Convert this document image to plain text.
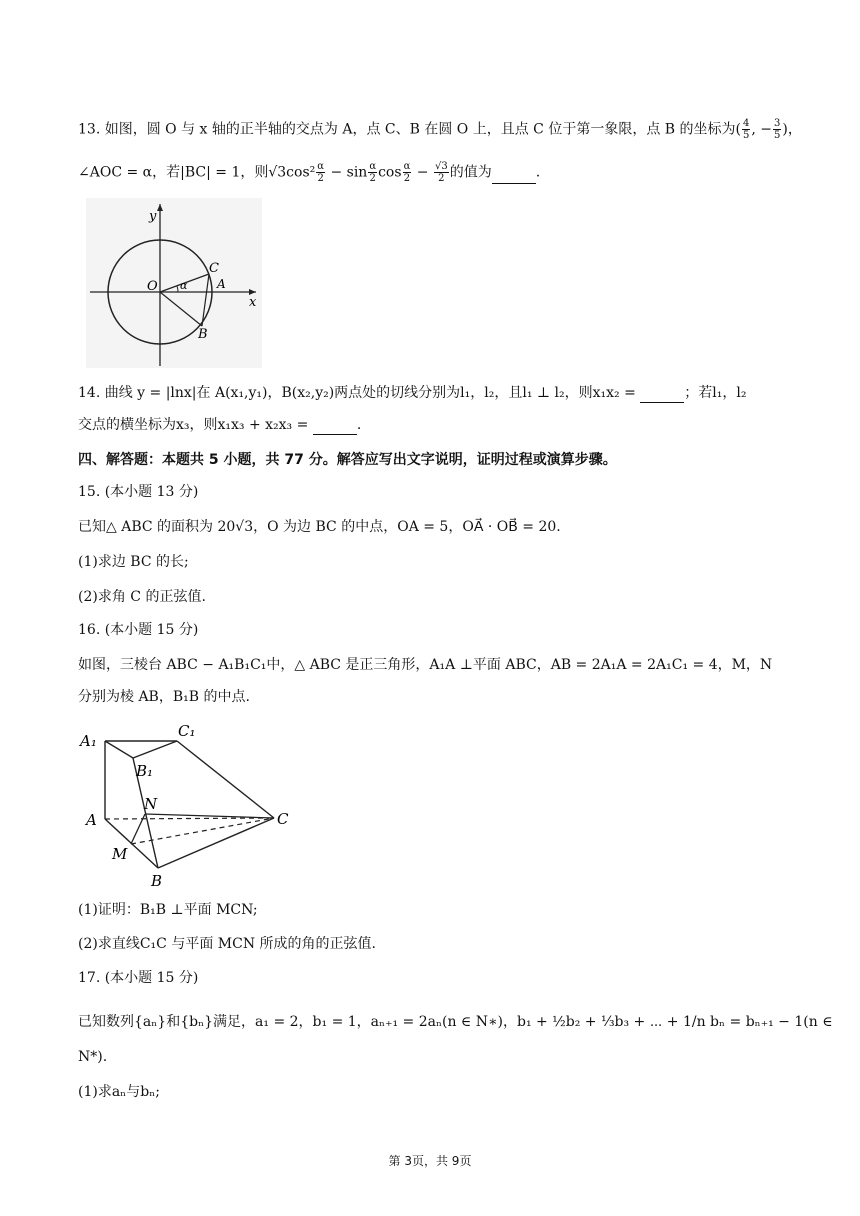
13. 如图，圆 O 与 x 轴的正半轴的交点为 A，点 C、B 在圆 O 上，且点 C 位于第一象限，点 B 的坐标为( $\frac{4}{5}$ , − $\frac{3}{5}$ )，
∠AOC = α，若|BC| = 1，则$√3\cos^2 \frac{\alpha}{2} - \sin \frac{\alpha}{2}$ $\cos \frac{\alpha}{2} - \frac{√3}{2}$ 的值为	.
y
x
O
C
A
B
α
14. 曲线 y = |lnx|在 A(x₁,y₁)，B(x₂,y₂)两点处的切线分别为l₁，l₂，且l₁ ⊥ l₂，则x₁x₂ =	；若l₁，l₂
交点的横坐标为x₃，则x₁x₃ + x₂x₃ =	.
四、解答题：本题共 5 小题，共 77 分。解答应写出文字说明，证明过程或演算步骤。
15. (本小题 13 分)
已知△ ABC 的面积为 20√3，O 为边 BC 的中点，OA = 5，OA⃗ · OB⃗ = 20.
(1)求边 BC 的长;
(2)求角 C 的正弦值.
16. (本小题 15 分)
如图，三棱台 ABC − A₁B₁C₁中，△ ABC 是正三角形，A₁A ⊥平面 ABC，AB = 2A₁A = 2A₁C₁ = 4，M，N
分别为棱 AB，B₁B 的中点.
A₁
C₁
B₁
N
A	C
M
B
(1)证明：B₁B ⊥平面 MCN;
(2)求直线C₁C 与平面 MCN 所成的角的正弦值.
17. (本小题 15 分)
已知数列{aₙ}和{bₙ}满足，a₁ = 2，b₁ = 1，aₙ₊₁ = 2aₙ(n ∈ N∗)，b₁ + ½b₂ + ⅓b₃ + ⋯ + 1/n bₙ = bₙ₊₁ − 1(n ∈
N*).
(1)求aₙ与bₙ;
第 3页，共 9页
